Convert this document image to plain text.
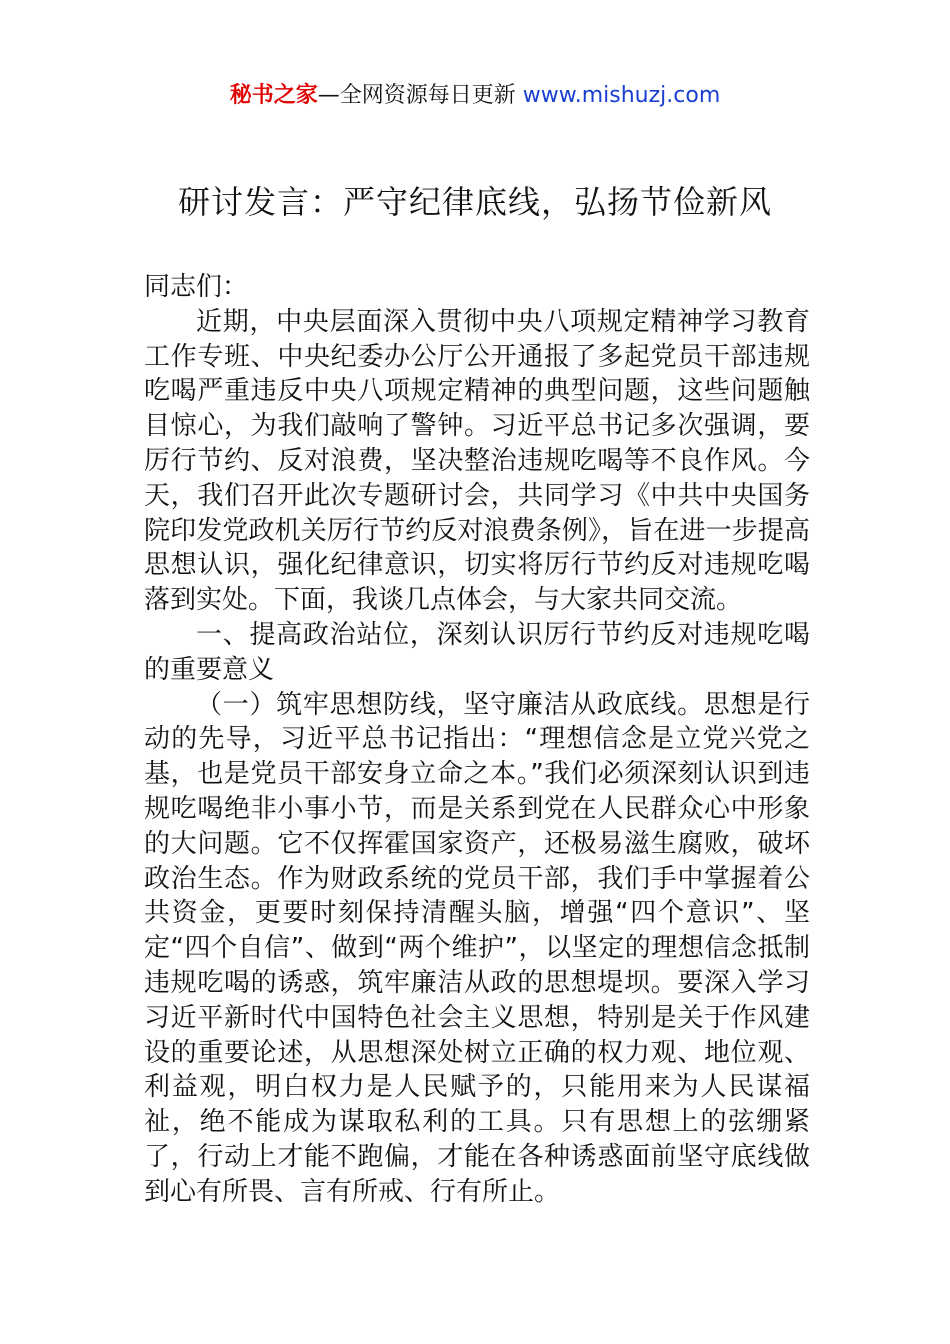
秘书之家—全网资源每日更新 www.mishuzj.com
研讨发言：严守纪律底线，弘扬节俭新风

同志们：

近期，中央层面深入贯彻中央八项规定精神学习教育工作专班、中央纪委办公厅公开通报了多起党员干部违规吃喝严重违反中央八项规定精神的典型问题，这些问题触目惊心，为我们敲响了警钟。习近平总书记多次强调，要厉行节约、反对浪费，坚决整治违规吃喝等不良作风。今天，我们召开此次专题研讨会，共同学习《中共中央国务院印发党政机关厉行节约反对浪费条例》，旨在进一步提高思想认识，强化纪律意识，切实将厉行节约反对违规吃喝落到实处。下面，我谈几点体会，与大家共同交流。

一、提高政治站位，深刻认识厉行节约反对违规吃喝的重要意义

（一）筑牢思想防线，坚守廉洁从政底线。思想是行动的先导，习近平总书记指出：“理想信念是立党兴党之基，也是党员干部安身立命之本。”我们必须深刻认识到违规吃喝绝非小事小节，而是关系到党在人民群众心中形象的大问题。它不仅挥霍国家资产，还极易滋生腐败，破坏政治生态。作为财政系统的党员干部，我们手中掌握着公共资金，更要时刻保持清醒头脑，增强“四个意识”、坚定“四个自信”、做到“两个维护”，以坚定的理想信念抵制违规吃喝的诱惑，筑牢廉洁从政的思想堤坝。要深入学习习近平新时代中国特色社会主义思想，特别是关于作风建设的重要论述，从思想深处树立正确的权力观、地位观、利益观，明白权力是人民赋予的，只能用来为人民谋福祉，绝不能成为谋取私利的工具。只有思想上的弦绷紧了，行动上才能不跑偏，才能在各种诱惑面前坚守底线做到心有所畏、言有所戒、行有所止。
